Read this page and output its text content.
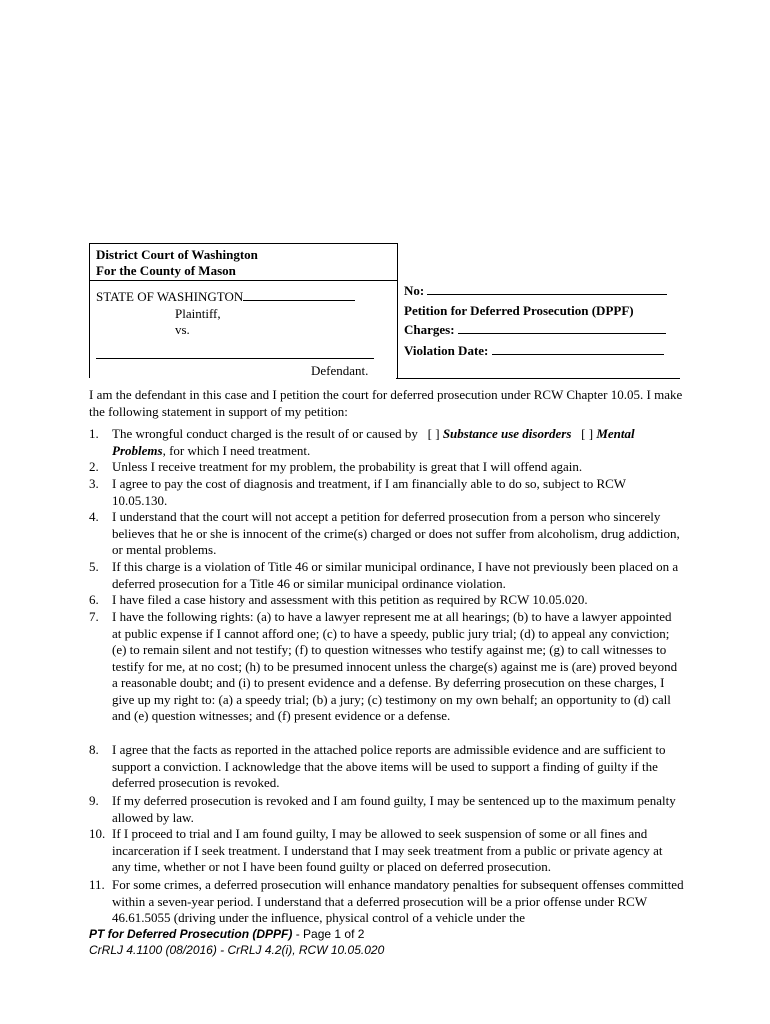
District Court of Washington
For the County of Mason
STATE OF WASHINGTON
Plaintiff,
vs.
Defendant.
No:
Petition for Deferred Prosecution (DPPF)
Charges:
Violation Date:
I am the defendant in this case and I petition the court for deferred prosecution under RCW Chapter 10.05. I make the following statement in support of my petition:
1. The wrongful conduct charged is the result of or caused by [ ] Substance use disorders [ ] Mental Problems, for which I need treatment.
2. Unless I receive treatment for my problem, the probability is great that I will offend again.
3. I agree to pay the cost of diagnosis and treatment, if I am financially able to do so, subject to RCW 10.05.130.
4. I understand that the court will not accept a petition for deferred prosecution from a person who sincerely believes that he or she is innocent of the crime(s) charged or does not suffer from alcoholism, drug addiction, or mental problems.
5. If this charge is a violation of Title 46 or similar municipal ordinance, I have not previously been placed on a deferred prosecution for a Title 46 or similar municipal ordinance violation.
6. I have filed a case history and assessment with this petition as required by RCW 10.05.020.
7. I have the following rights: (a) to have a lawyer represent me at all hearings; (b) to have a lawyer appointed at public expense if I cannot afford one; (c) to have a speedy, public jury trial; (d) to appeal any conviction; (e) to remain silent and not testify; (f) to question witnesses who testify against me; (g) to call witnesses to testify for me, at no cost; (h) to be presumed innocent unless the charge(s) against me is (are) proved beyond a reasonable doubt; and (i) to present evidence and a defense. By deferring prosecution on these charges, I give up my right to: (a) a speedy trial; (b) a jury; (c) testimony on my own behalf; an opportunity to (d) call and (e) question witnesses; and (f) present evidence or a defense.
8. I agree that the facts as reported in the attached police reports are admissible evidence and are sufficient to support a conviction. I acknowledge that the above items will be used to support a finding of guilty if the deferred prosecution is revoked.
9. If my deferred prosecution is revoked and I am found guilty, I may be sentenced up to the maximum penalty allowed by law.
10. If I proceed to trial and I am found guilty, I may be allowed to seek suspension of some or all fines and incarceration if I seek treatment. I understand that I may seek treatment from a public or private agency at any time, whether or not I have been found guilty or placed on deferred prosecution.
11. For some crimes, a deferred prosecution will enhance mandatory penalties for subsequent offenses committed within a seven-year period. I understand that a deferred prosecution will be a prior offense under RCW 46.61.5055 (driving under the influence, physical control of a vehicle under the
PT for Deferred Prosecution (DPPF) - Page 1 of 2
CrRLJ 4.1100 (08/2016) - CrRLJ 4.2(i), RCW 10.05.020
